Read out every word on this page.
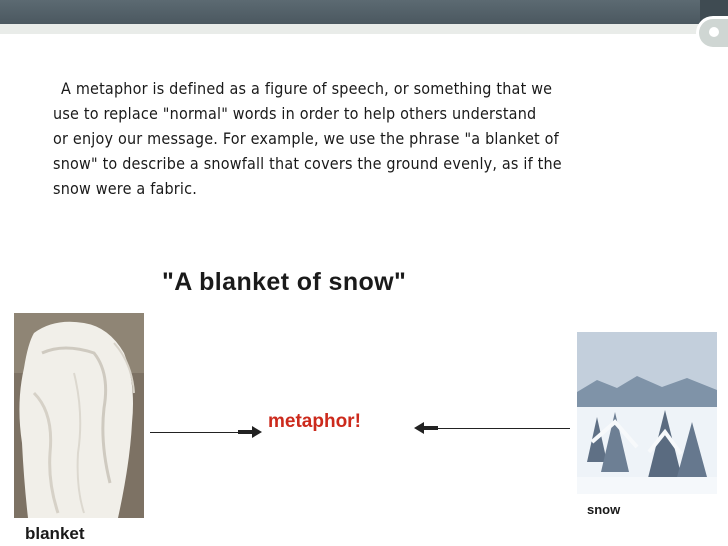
A metaphor is defined as a figure of speech, or something that we
use to replace "normal" words in order to help others understand
or enjoy our message. For example, we use the phrase "a blanket of
snow" to describe a snowfall that covers the ground evenly, as if the
snow were a fabric.
"A blanket of snow"
blanket
snow
metaphor!
